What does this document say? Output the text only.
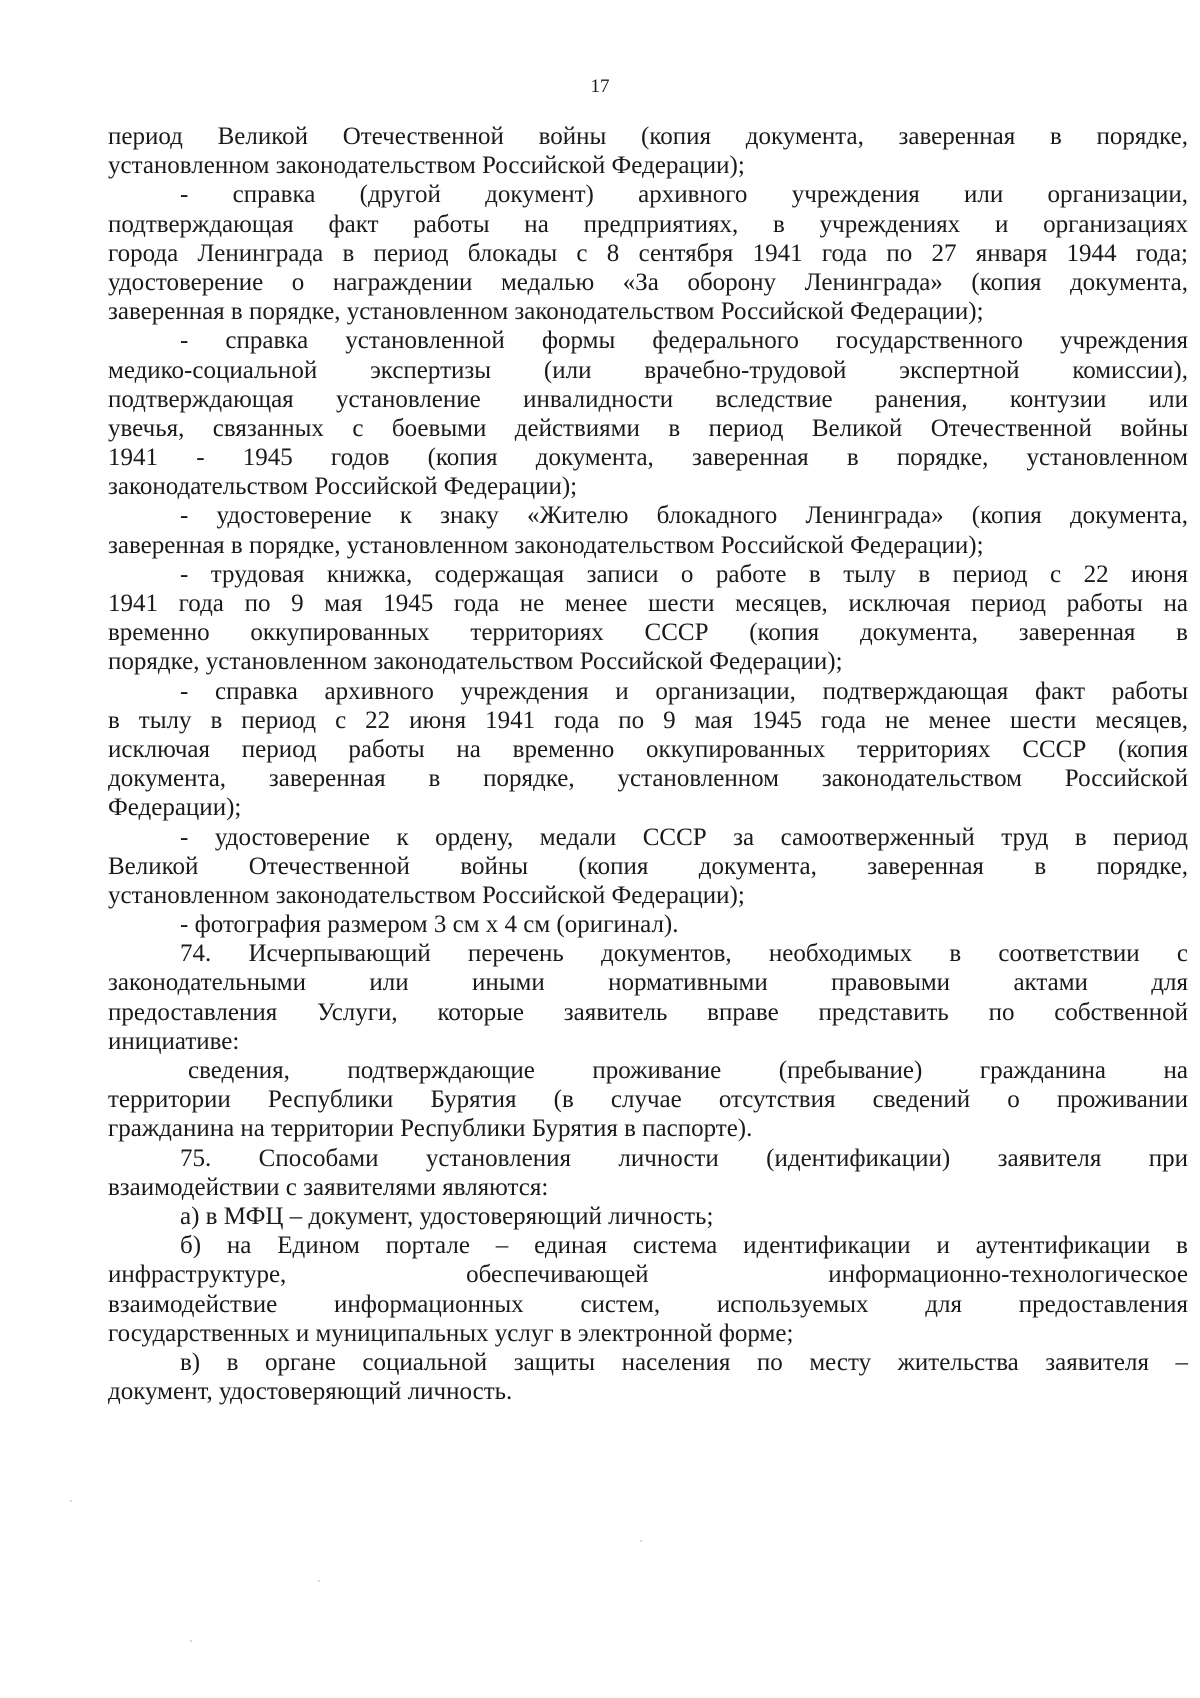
17
период Великой Отечественной войны (копия документа, заверенная в порядке,
установленном законодательством Российской Федерации);
- справка (другой документ) архивного учреждения или организации,
подтверждающая факт работы на предприятиях, в учреждениях и организациях
города Ленинграда в период блокады с 8 сентября 1941 года по 27 января 1944 года;
удостоверение о награждении медалью «За оборону Ленинграда» (копия документа,
заверенная в порядке, установленном законодательством Российской Федерации);
- справка установленной формы федерального государственного учреждения
медико-социальной экспертизы (или врачебно-трудовой экспертной комиссии),
подтверждающая установление инвалидности вследствие ранения, контузии или
увечья, связанных с боевыми действиями в период Великой Отечественной войны
1941 - 1945 годов (копия документа, заверенная в порядке, установленном
законодательством Российской Федерации);
- удостоверение к знаку «Жителю блокадного Ленинграда» (копия документа,
заверенная в порядке, установленном законодательством Российской Федерации);
- трудовая книжка, содержащая записи о работе в тылу в период с 22 июня
1941 года по 9 мая 1945 года не менее шести месяцев, исключая период работы на
временно оккупированных территориях СССР (копия документа, заверенная в
порядке, установленном законодательством Российской Федерации);
- справка архивного учреждения и организации, подтверждающая факт работы
в тылу в период с 22 июня 1941 года по 9 мая 1945 года не менее шести месяцев,
исключая период работы на временно оккупированных территориях СССР (копия
документа, заверенная в порядке, установленном законодательством Российской
Федерации);
- удостоверение к ордену, медали СССР за самоотверженный труд в период
Великой Отечественной войны (копия документа, заверенная в порядке,
установленном законодательством Российской Федерации);
- фотография размером 3 см х 4 см (оригинал).
74. Исчерпывающий перечень документов, необходимых в соответствии с
законодательными или иными нормативными правовыми актами для
предоставления Услуги, которые заявитель вправе представить по собственной
инициативе:
сведения, подтверждающие проживание (пребывание) гражданина на
территории Республики Бурятия (в случае отсутствия сведений о проживании
гражданина на территории Республики Бурятия в паспорте).
75. Способами установления личности (идентификации) заявителя при
взаимодействии с заявителями являются:
а) в МФЦ – документ, удостоверяющий личность;
б) на Едином портале – единая система идентификации и аутентификации в
инфраструктуре, обеспечивающей информационно-технологическое
взаимодействие информационных систем, используемых для предоставления
государственных и муниципальных услуг в электронной форме;
в) в органе социальной защиты населения по месту жительства заявителя –
документ, удостоверяющий личность.
